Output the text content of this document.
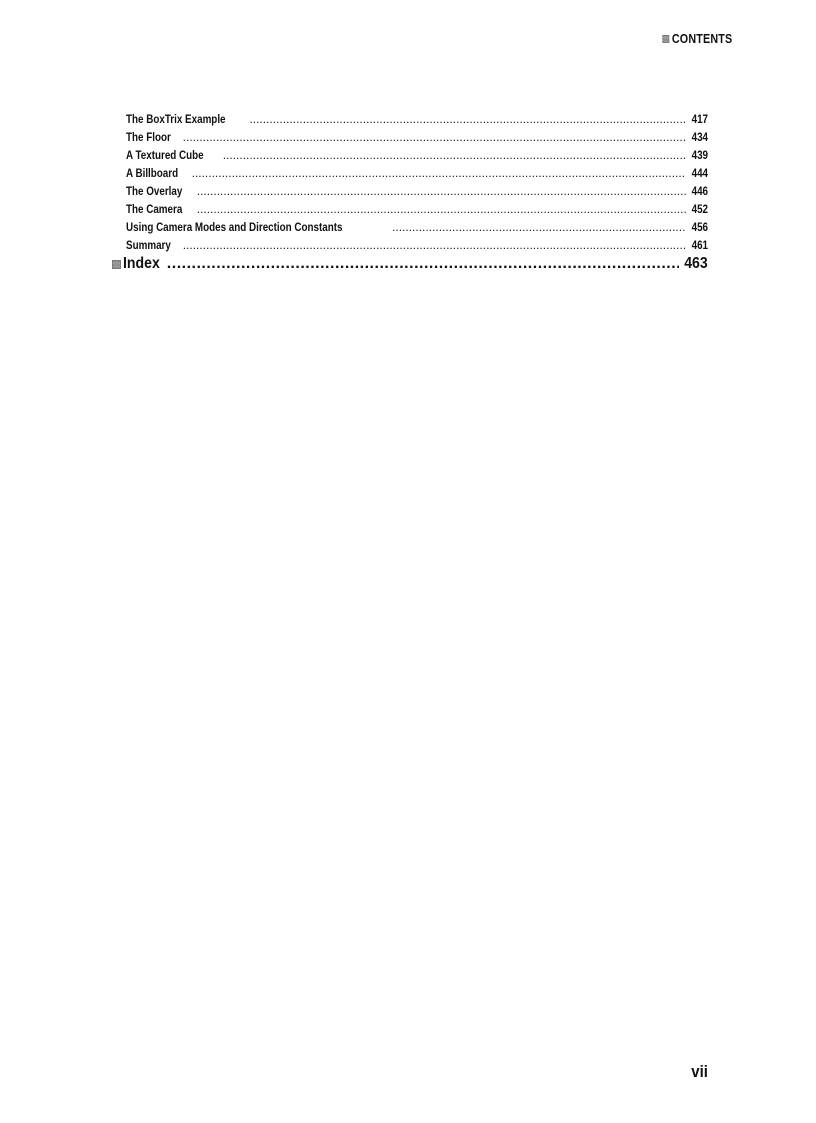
CONTENTS
The BoxTrix Example .....	417
The Floor .....	434
A Textured Cube .....	439
A Billboard .....	444
The Overlay .....	446
The Camera .....	452
Using Camera Modes and Direction Constants .....	456
Summary .....	461
Index .....	463
vii
